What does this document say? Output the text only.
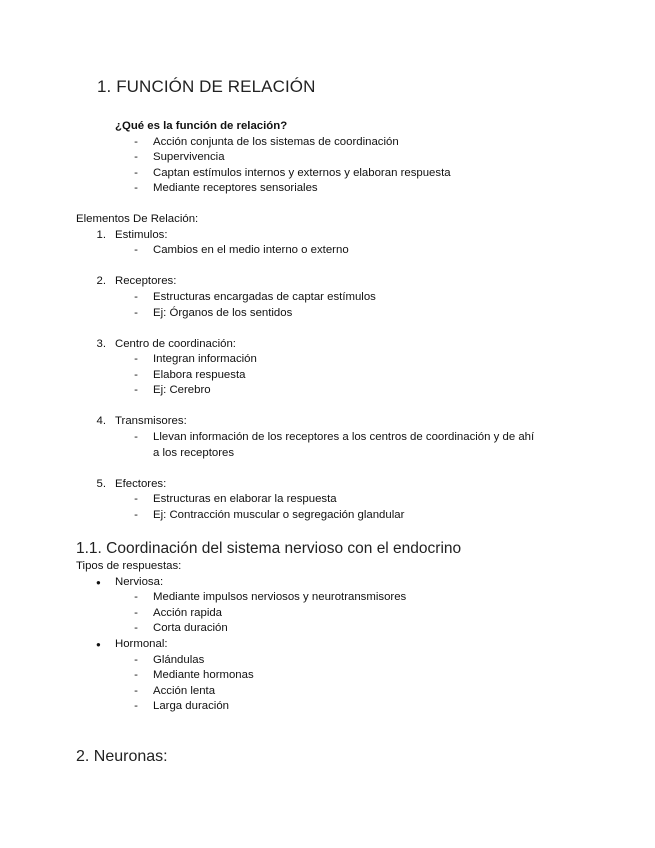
1. FUNCIÓN DE RELACIÓN
¿Qué es la función de relación?
- Acción conjunta de los sistemas de coordinación
- Supervivencia
- Captan estímulos internos y externos y elaboran respuesta
- Mediante receptores sensoriales
Elementos De Relación:
1. Estimulos:
- Cambios en el medio interno o externo
2. Receptores:
- Estructuras encargadas de captar estímulos
- Ej: Órganos de los sentidos
3. Centro de coordinación:
- Integran información
- Elabora respuesta
- Ej: Cerebro
4. Transmisores:
- Llevan información de los receptores a los centros de coordinación y de ahí
a los receptores
5. Efectores:
- Estructuras en elaborar la respuesta
- Ej: Contracción muscular o segregación glandular
1.1. Coordinación del sistema nervioso con el endocrino
Tipos de respuestas:
● Nerviosa:
- Mediante impulsos nerviosos y neurotransmisores
- Acción rapida
- Corta duración
● Hormonal:
- Glándulas
- Mediante hormonas
- Acción lenta
- Larga duración
2. Neuronas:
